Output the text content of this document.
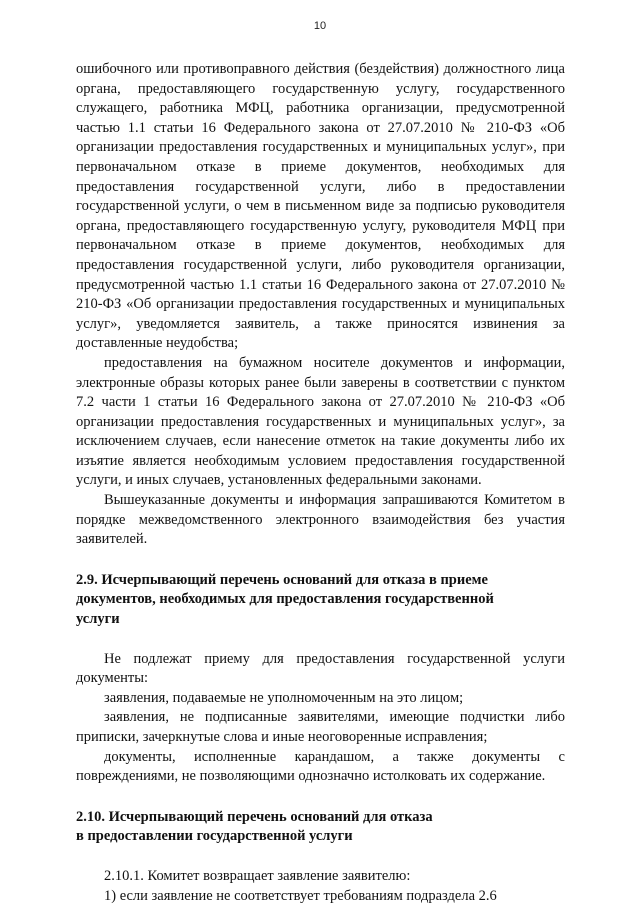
10

ошибочного или противоправного действия (бездействия) должностного лица органа, предоставляющего государственную услугу, государственного служащего, работника МФЦ, работника организации, предусмотренной частью 1.1 статьи 16 Федерального закона от 27.07.2010 № 210-ФЗ «Об организации предоставления государственных и муниципальных услуг», при первоначальном отказе в приеме документов, необходимых для предоставления государственной услуги, либо в предоставлении государственной услуги, о чем в письменном виде за подписью руководителя органа, предоставляющего государственную услугу, руководителя МФЦ при первоначальном отказе в приеме документов, необходимых для предоставления государственной услуги, либо руководителя организации, предусмотренной частью 1.1 статьи 16 Федерального закона от 27.07.2010 № 210-ФЗ «Об организации предоставления государственных и муниципальных услуг», уведомляется заявитель, а также приносятся извинения за доставленные неудобства;

предоставления на бумажном носителе документов и информации, электронные образы которых ранее были заверены в соответствии с пунктом 7.2 части 1 статьи 16 Федерального закона от 27.07.2010 № 210-ФЗ «Об организации предоставления государственных и муниципальных услуг», за исключением случаев, если нанесение отметок на такие документы либо их изъятие является необходимым условием предоставления государственной услуги, и иных случаев, установленных федеральными законами.

Вышеуказанные документы и информация запрашиваются Комитетом в порядке межведомственного электронного взаимодействия без участия заявителей.

2.9. Исчерпывающий перечень оснований для отказа в приеме

документов, необходимых для предоставления государственной

услуги

Не подлежат приему для предоставления государственной услуги документы:

заявления, подаваемые не уполномоченным на это лицом;

заявления, не подписанные заявителями, имеющие подчистки либо приписки, зачеркнутые слова и иные неоговоренные исправления;

документы, исполненные карандашом, а также документы с повреждениями, не позволяющими однозначно истолковать их содержание.

2.10. Исчерпывающий перечень оснований для отказа

в предоставлении государственной услуги

2.10.1. Комитет возвращает заявление заявителю:

1) если заявление не соответствует требованиям подраздела 2.6
